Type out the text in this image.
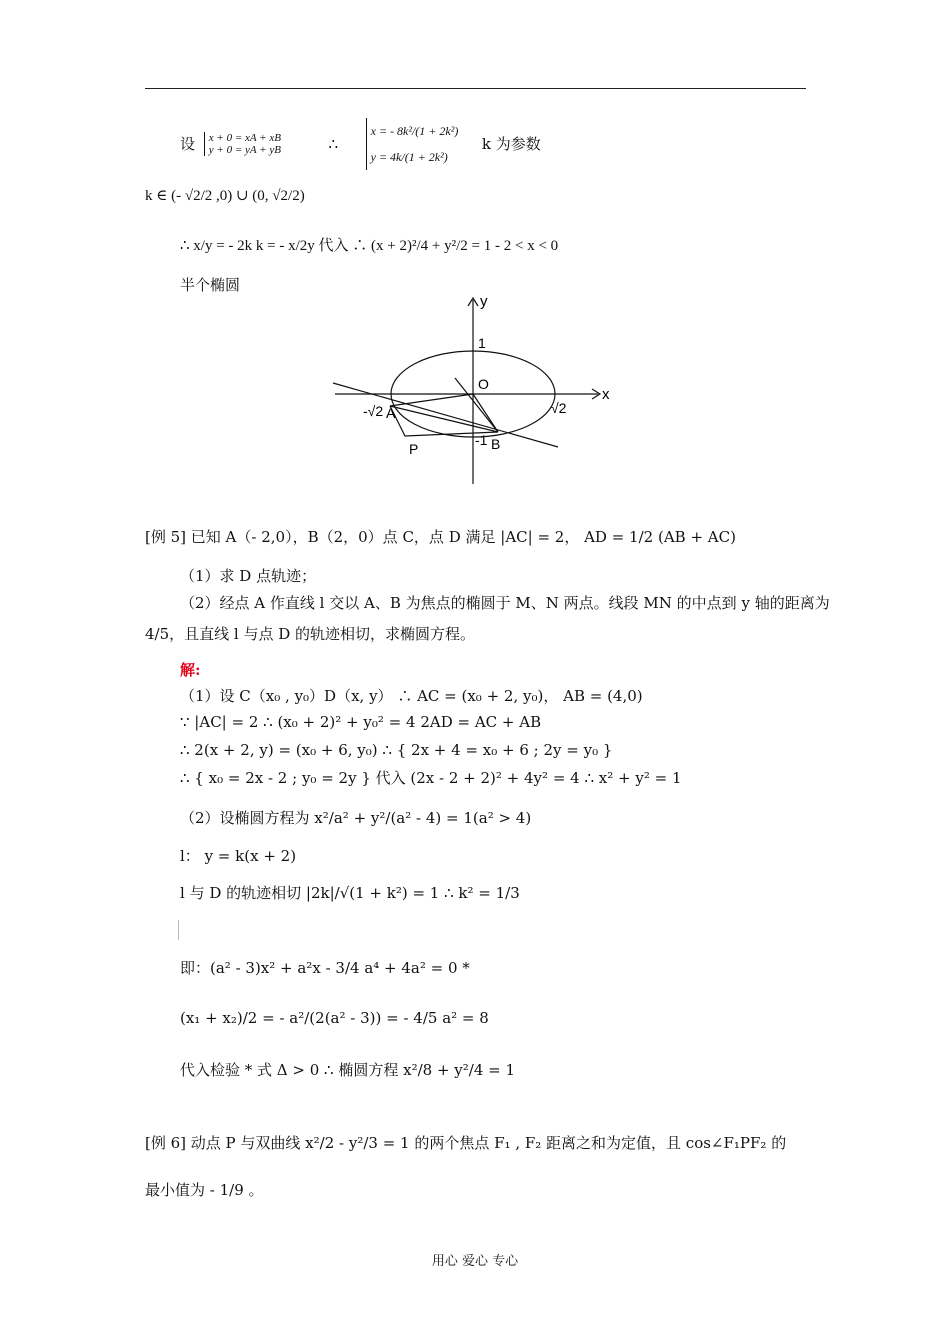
设 x + 0 = xA + xB
y + 0 = yA + yB	∴
x = - 8k²/(1 + 2k²)
y = 4k/(1 + 2k²)
k 为参数
k ∈ (- √2/2 ,0) ∪ (0, √2/2)
∴ x/y = - 2k k = - x/2y 代入 ∴ (x + 2)²/4 + y²/2 = 1 - 2 < x < 0
半个椭圆
y
x
1
O
-√2 A	√2
-1 B
P
[例 5] 已知 A（- 2,0），B（2，0）点 C，点 D 满足 |AC| = 2， AD = 1/2 (AB + AC)
（1）求 D 点轨迹；
（2）经点 A 作直线 l 交以 A、B 为焦点的椭圆于 M、N 两点。线段 MN 的中点到 y 轴的距离为
4/5，且直线 l 与点 D 的轨迹相切，求椭圆方程。
解:
（1）设 C（x₀ , y₀）D（x, y） ∴ AC = (x₀ + 2, y₀)， AB = (4,0)
∵ |AC| = 2 ∴ (x₀ + 2)² + y₀² = 4 2AD = AC + AB
∴ 2(x + 2, y) = (x₀ + 6, y₀) ∴ { 2x + 4 = x₀ + 6 ; 2y = y₀ }
∴ { x₀ = 2x - 2 ; y₀ = 2y } 代入 (2x - 2 + 2)² + 4y² = 4 ∴ x² + y² = 1
（2）设椭圆方程为 x²/a² + y²/(a² - 4) = 1(a² > 4)
l： y = k(x + 2)
l 与 D 的轨迹相切 |2k|/√(1 + k²) = 1 ∴ k² = 1/3
即：(a² - 3)x² + a²x - 3/4 a⁴ + 4a² = 0 *
(x₁ + x₂)/2 = - a²/(2(a² - 3)) = - 4/5 a² = 8
代入检验 * 式 Δ > 0 ∴ 椭圆方程 x²/8 + y²/4 = 1
[例 6] 动点 P 与双曲线 x²/2 - y²/3 = 1 的两个焦点 F₁ , F₂ 距离之和为定值，且 cos∠F₁PF₂ 的
最小值为 - 1/9 。
用心 爱心 专心
